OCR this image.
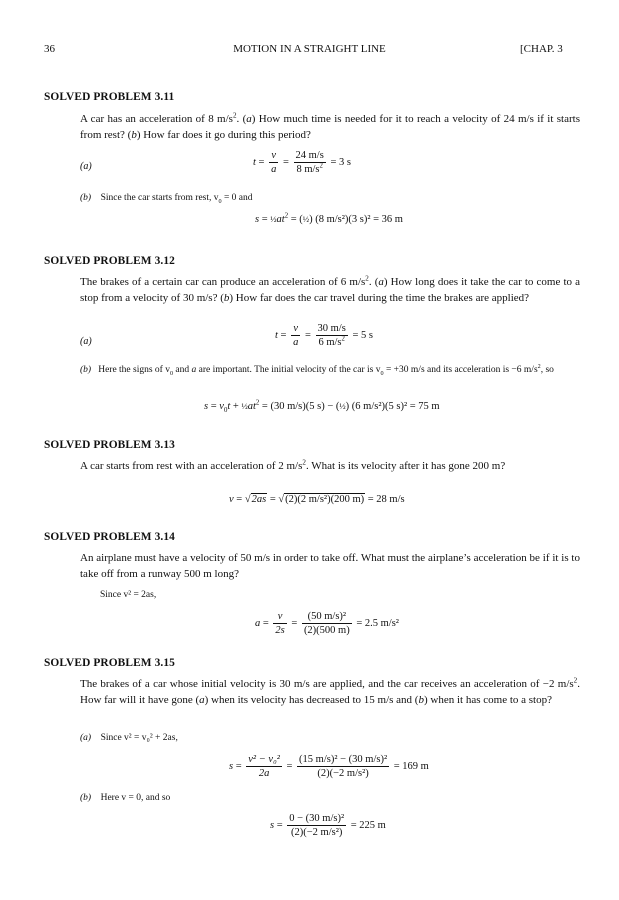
36	MOTION IN A STRAIGHT LINE	[CHAP. 3
SOLVED PROBLEM 3.11
A car has an acceleration of 8 $m/s^2$. (a) How much time is needed for it to reach a velocity of 24 m/s if it starts from rest? (b) How far does it go during this period?
(a)	$t = \frac{v}{a} = \frac{24 m/s}{8 m/s^2} = 3$ s
(b) Since the car starts from rest, $v_0 = 0$ and
$s = \frac{1}{2}at^2$ = (½) (8 m/s²)(3 s)² = 36 m
SOLVED PROBLEM 3.12
The brakes of a certain car can produce an acceleration of 6 $m/s^2$. (a) How long does it take the car to come to a stop from a velocity of 30 m/s? (b) How far does the car travel during the time the brakes are applied?
(a)
$t = \frac{v}{a} = \frac{30 m/s}{6 m/s^2} = 5$ s
(b) Here the signs of $v_0$ and a are important. The initial velocity of the car is $v_0 = +30$ m/s and its acceleration is −6 $m/s^2$, so
$s = v_0t$ + $\frac{1}{2}at^2 = (30$ m/s)(5 s) − (½) (6 m/s²)(5 s)² = 75 m
SOLVED PROBLEM 3.13
A car starts from rest with an acceleration of 2 $m/s^2$. What is its velocity after it has gone 200 m?
v = √2as = √(2)(2 m/s²)(200 m) = 28 m/s
SOLVED PROBLEM 3.14
An airplane must have a velocity of 50 m/s in order to take off. What must the airplane’s acceleration be if it is to take off from a runway 500 m long?
Since v² = 2as,
$a = \frac{v}{2s} = \frac{\text{(50 m/s)²}}{(2)(500 m)} = 2.5$ m/s²
SOLVED PROBLEM 3.15
The brakes of a car whose initial velocity is 30 m/s are applied, and the car receives an acceleration of −2 $m/s^2$. How far will it have gone (a) when its velocity has decreased to 15 m/s and (b) when it has come to a stop?
(a) Since v² = v₀² + 2as,
$s = \frac{\text{v² − v₀²}}{2a} = \frac{\text{(15 m/s)² − (30 m/s)²}}{\text{(2)(−2 m/s²)}} = 169$ m
(b) Here v = 0, and so
$s = \frac{\text{0 − (30 m/s)²}}{\text{(2)(−2 m/s²)}} = 225$ m
